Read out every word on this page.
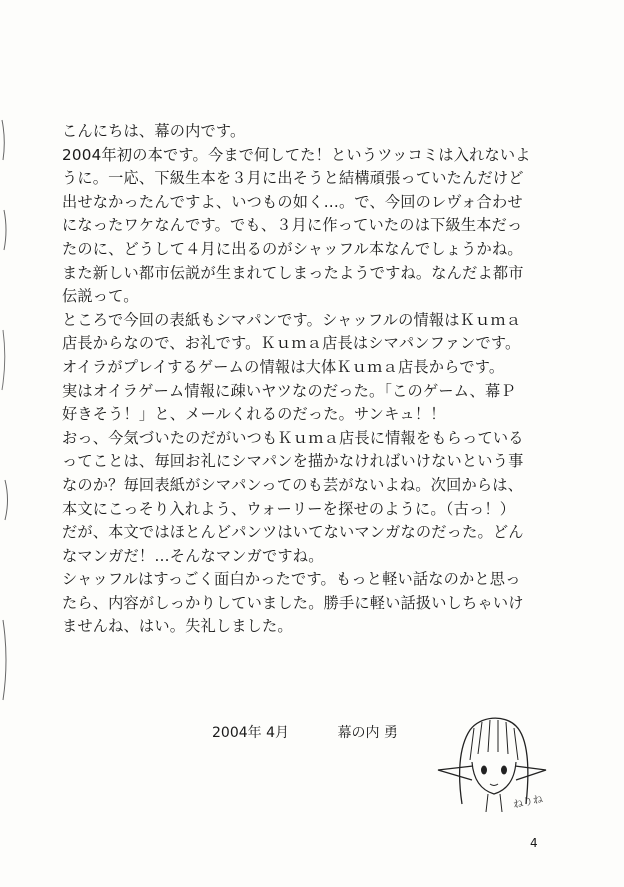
こんにちは、幕の内です。
2004年初の本です。今まで何してた！というツッコミは入れないよ
うに。一応、下級生本を３月に出そうと結構頑張っていたんだけど
出せなかったんですよ、いつもの如く…。で、今回のレヴォ合わせ
になったワケなんです。でも、３月に作っていたのは下級生本だっ
たのに、どうして４月に出るのがシャッフル本なんでしょうかね。
また新しい都市伝説が生まれてしまったようですね。なんだよ都市
伝説って。
ところで今回の表紙もシマパンです。シャッフルの情報はＫｕｍａ
店長からなので、お礼です。Ｋｕｍａ店長はシマパンファンです。
オイラがプレイするゲームの情報は大体Ｋｕｍａ店長からです。
実はオイラゲーム情報に疎いヤツなのだった。「このゲーム、幕Ｐ
好きそう！」と、メールくれるのだった。サンキュ！！
おっ、今気づいたのだがいつもＫｕｍａ店長に情報をもらっている
ってことは、毎回お礼にシマパンを描かなければいけないという事
なのか？毎回表紙がシマパンってのも芸がないよね。次回からは、
本文にこっそり入れよう、ウォーリーを探せのように。（古っ！）
だが、本文ではほとんどパンツはいてないマンガなのだった。どん
なマンガだ！…そんなマンガですね。
シャッフルはすっごく面白かったです。もっと軽い話なのかと思っ
たら、内容がしっかりしていました。勝手に軽い話扱いしちゃいけ
ませんね、はい。失礼しました。
2004年 4月	幕の内 勇
ねりね
4
